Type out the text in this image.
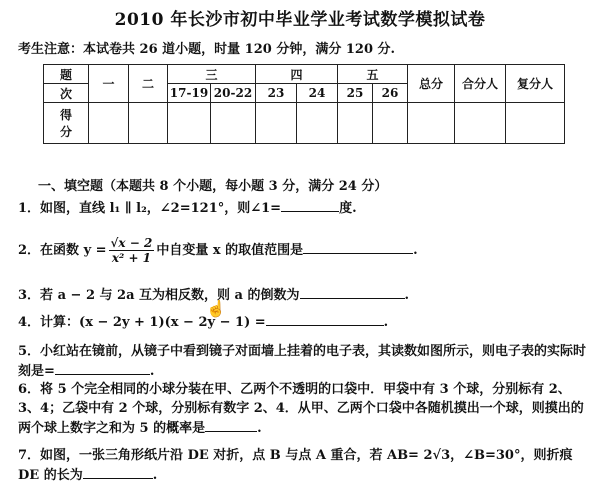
2010 年长沙市初中毕业学业考试数学模拟试卷
考生注意：本试卷共 26 道小题，时量 120 分钟，满分 120 分.
题	一	二	三		四		五		总分	合分人	复分人
次			17-19	20-22	23	24	25	26			

得
分											

一、填空题（本题共 8 个小题，每小题 3 分，满分 24 分）
1．如图，直线 l₁ ∥ l₂，∠2=121°，则∠1=	度.
2．在函数 $y = \frac{√x - 2}{\text{x² + 1}}$ 中自变量 x 的取值范围是	.
3．若 a − 2 与 2a 互为相反数，则 a 的倒数为	.
☝
4．计算：(x − 2y + 1)(x − 2y − 1) =	.
5．小红站在镜前，从镜子中看到镜子对面墙上挂着的电子表，其读数如图所示，则电子表的实际时刻是=	.
6．将 5 个完全相同的小球分装在甲、乙两个不透明的口袋中．甲袋中有 3 个球，分别标有 2、3、4；乙袋中有 2 个球，分别标有数字 2、4．从甲、乙两个口袋中各随机摸出一个球，则摸出的两个球上数字之和为 5 的概率是	.
7．如图，一张三角形纸片沿 DE 对折，点 B 与点 A 重合，若 AB= 2√3，∠B=30°，则折痕 DE 的长为	.
